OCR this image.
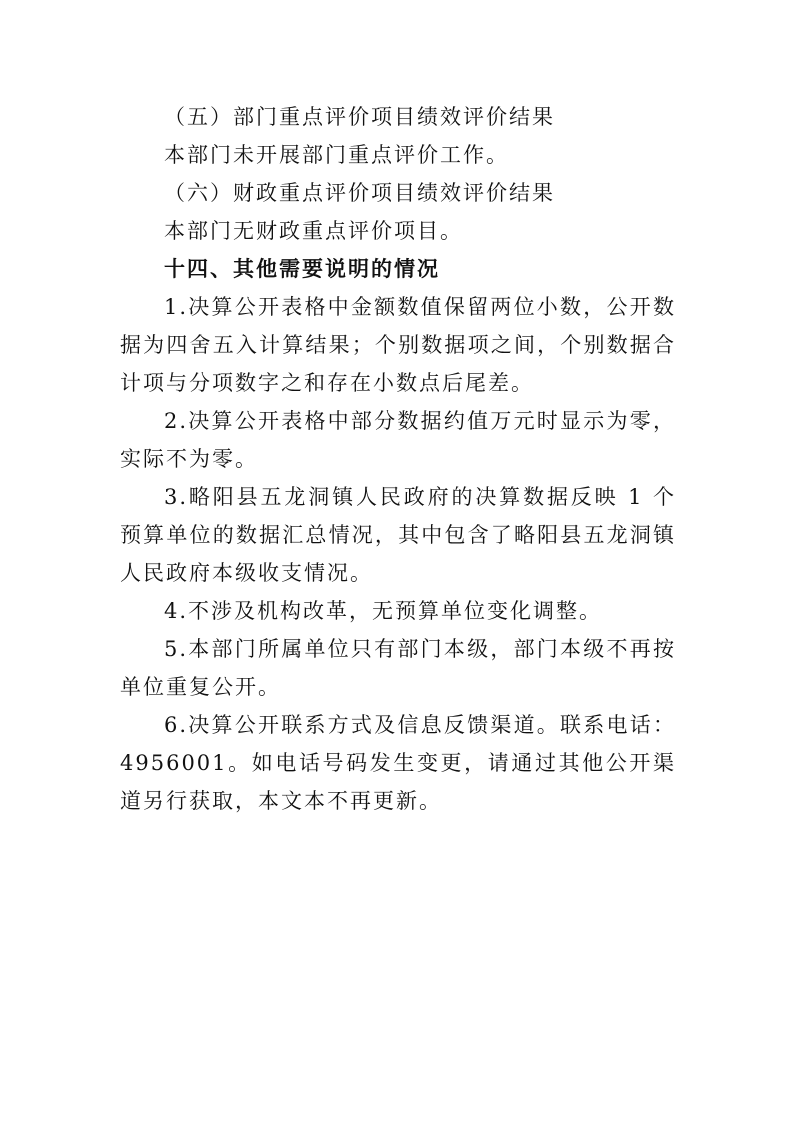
（五）部门重点评价项目绩效评价结果
本部门未开展部门重点评价工作。
（六）财政重点评价项目绩效评价结果
本部门无财政重点评价项目。
十四、其他需要说明的情况

1.决算公开表格中金额数值保留两位小数，公开数据为四舍五入计算结果；个别数据项之间，个别数据合计项与分项数字之和存在小数点后尾差。

2.决算公开表格中部分数据约值万元时显示为零，实际不为零。

3.略阳县五龙洞镇人民政府的决算数据反映 1 个预算单位的数据汇总情况，其中包含了略阳县五龙洞镇人民政府本级收支情况。

4.不涉及机构改革，无预算单位变化调整。

5.本部门所属单位只有部门本级，部门本级不再按单位重复公开。

6.决算公开联系方式及信息反馈渠道。联系电话：4956001。如电话号码发生变更，请通过其他公开渠道另行获取，本文本不再更新。
